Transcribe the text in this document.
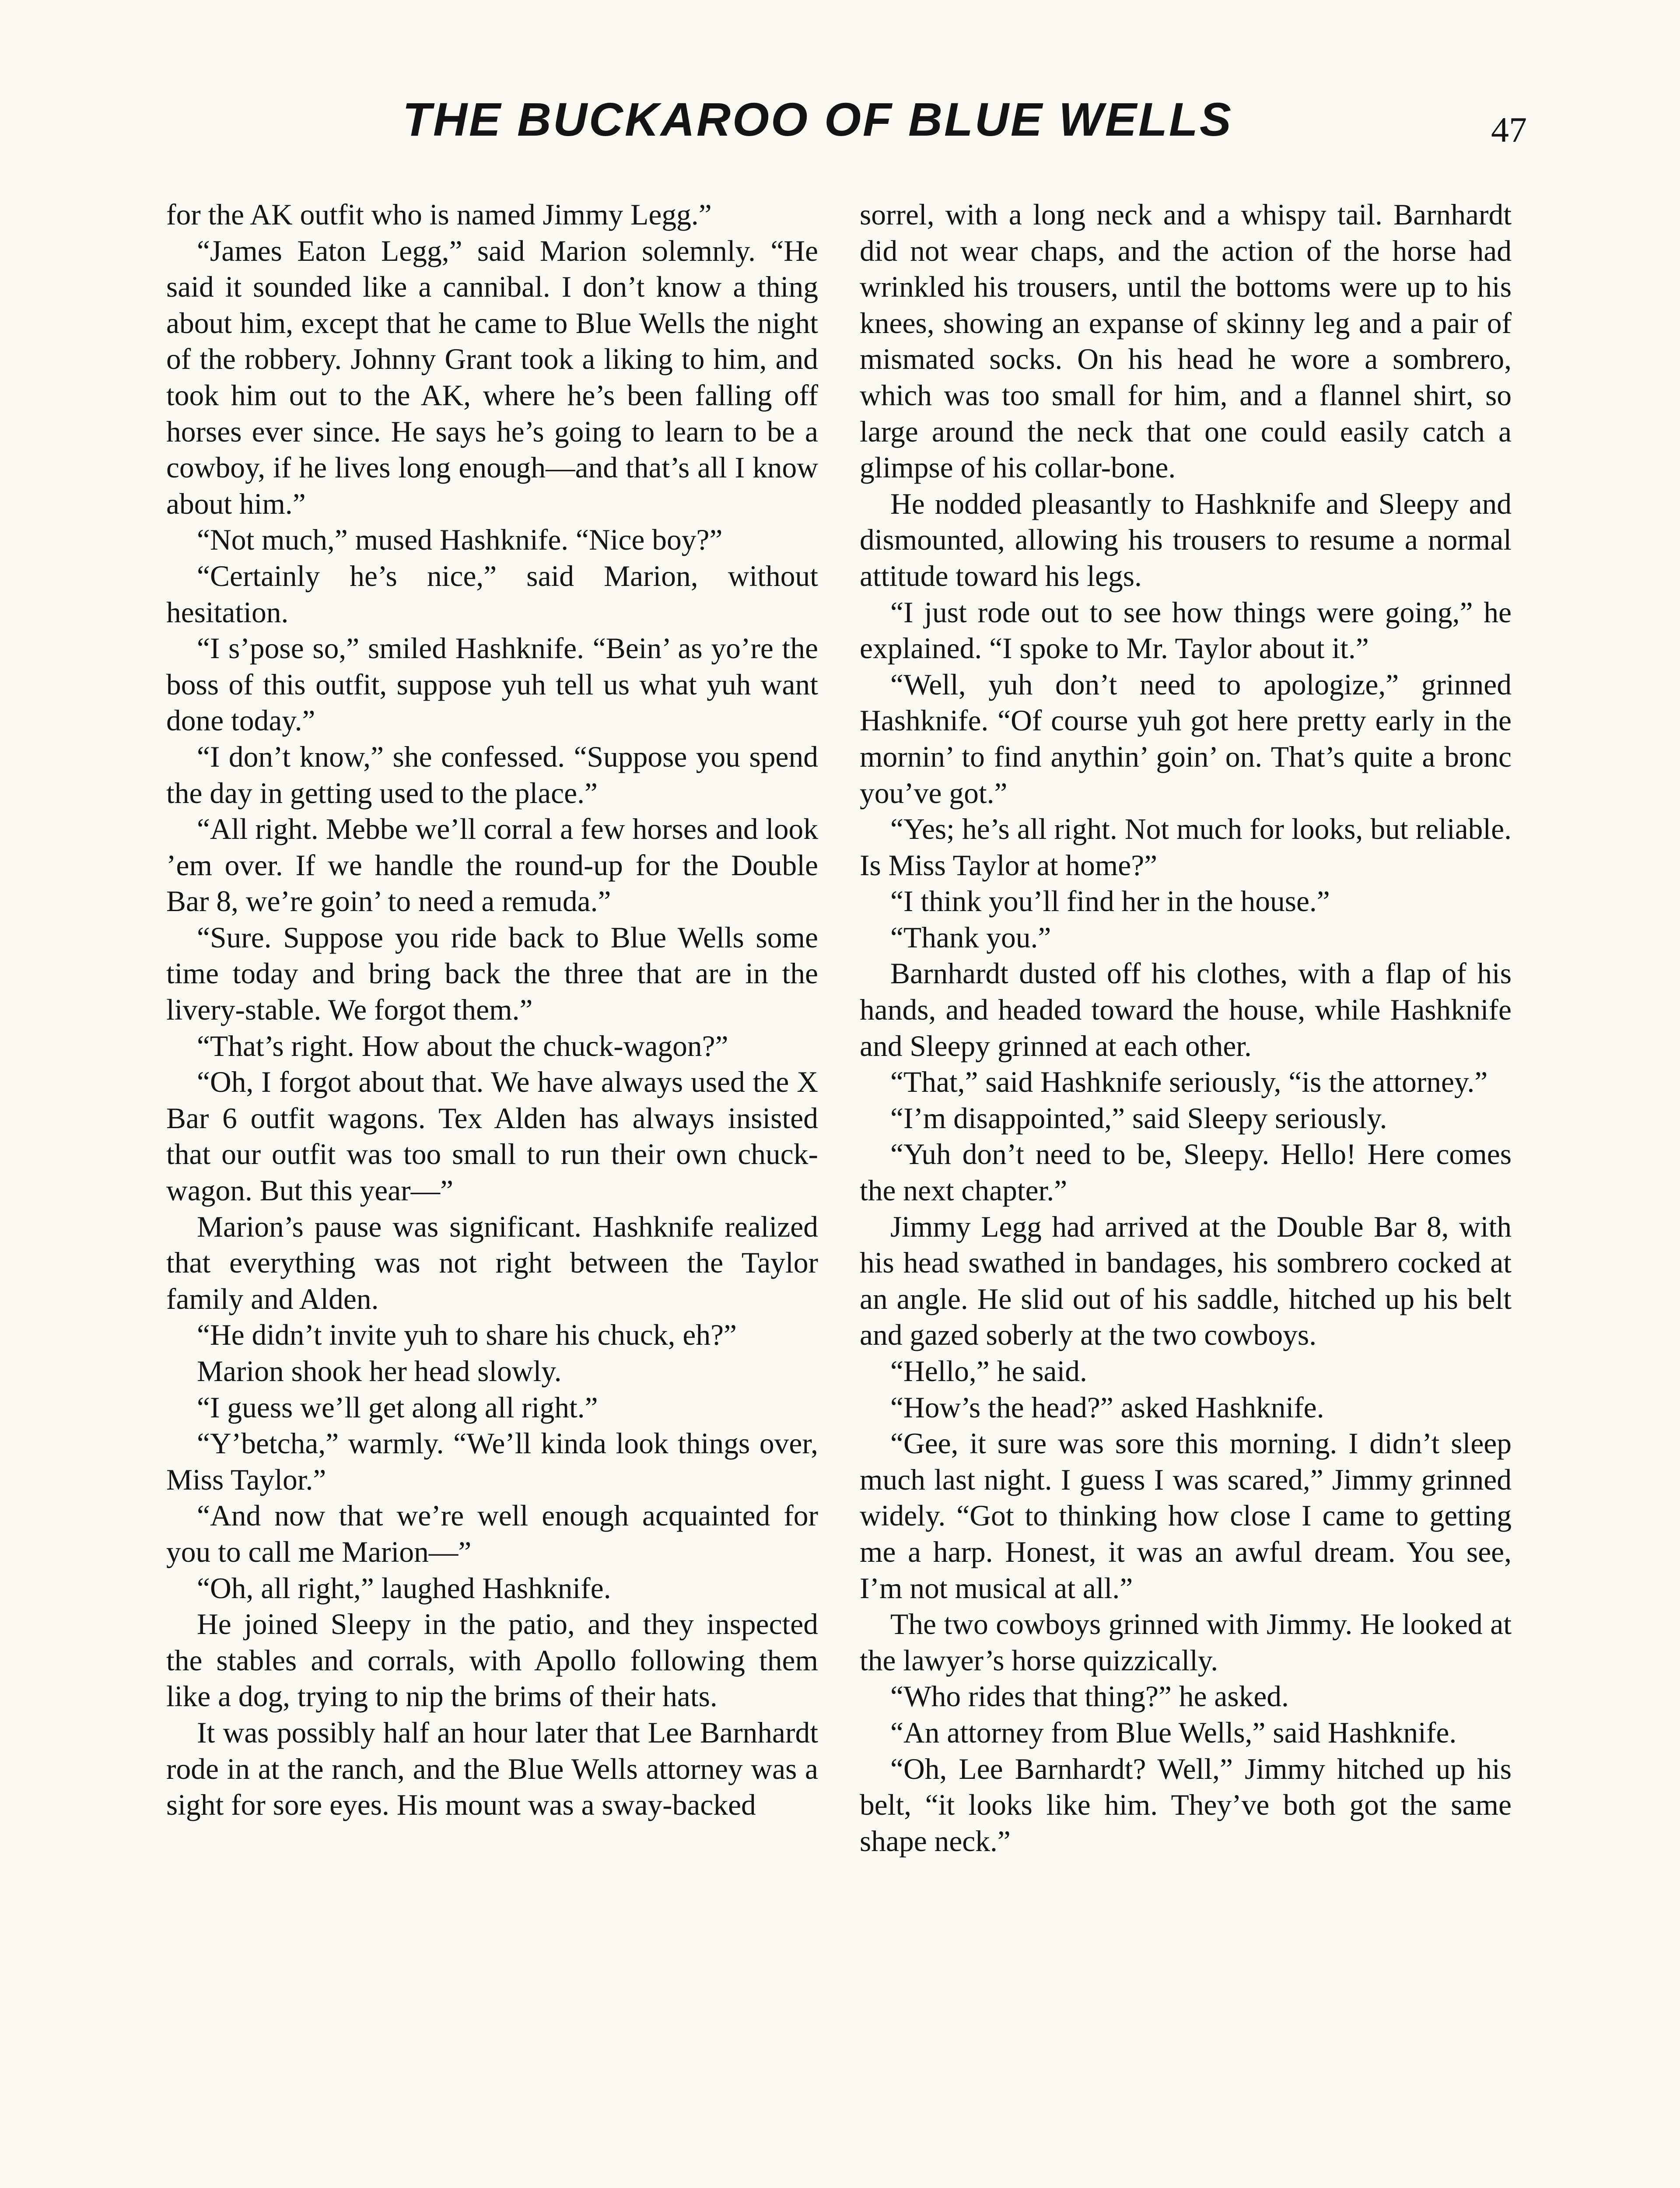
THE BUCKAROO OF BLUE WELLS	47

for the AK outfit who is named Jimmy Legg.”

“James Eaton Legg,” said Marion solemnly. “He said it sounded like a cannibal. I don’t know a thing about him, except that he came to Blue Wells the night of the robbery. Johnny Grant took a liking to him, and took him out to the AK, where he’s been falling off horses ever since. He says he’s going to learn to be a cowboy, if he lives long enough—and that’s all I know about him.”

“Not much,” mused Hashknife. “Nice boy?”

“Certainly he’s nice,” said Marion, without hesitation.

“I s’pose so,” smiled Hashknife. “Bein’ as yo’re the boss of this outfit, suppose yuh tell us what yuh want done today.”

“I don’t know,” she confessed. “Suppose you spend the day in getting used to the place.”

“All right. Mebbe we’ll corral a few horses and look ’em over. If we handle the round-up for the Double Bar 8, we’re goin’ to need a remuda.”

“Sure. Suppose you ride back to Blue Wells some time today and bring back the three that are in the livery-stable. We forgot them.”

“That’s right. How about the chuck-wagon?”

“Oh, I forgot about that. We have always used the X Bar 6 outfit wagons. Tex Alden has always insisted that our outfit was too small to run their own chuck-wagon. But this year—”

Marion’s pause was significant. Hashknife realized that everything was not right between the Taylor family and Alden.

“He didn’t invite yuh to share his chuck, eh?”

Marion shook her head slowly.

“I guess we’ll get along all right.”

“Y’betcha,” warmly. “We’ll kinda look things over, Miss Taylor.”

“And now that we’re well enough acquainted for you to call me Marion—”

“Oh, all right,” laughed Hashknife.

He joined Sleepy in the patio, and they inspected the stables and corrals, with Apollo following them like a dog, trying to nip the brims of their hats.

It was possibly half an hour later that Lee Barnhardt rode in at the ranch, and the Blue Wells attorney was a sight for sore eyes. His mount was a sway-backed

sorrel, with a long neck and a whispy tail. Barnhardt did not wear chaps, and the action of the horse had wrinkled his trousers, until the bottoms were up to his knees, showing an expanse of skinny leg and a pair of mismated socks. On his head he wore a sombrero, which was too small for him, and a flannel shirt, so large around the neck that one could easily catch a glimpse of his collar-bone.

He nodded pleasantly to Hashknife and Sleepy and dismounted, allowing his trousers to resume a normal attitude toward his legs.

“I just rode out to see how things were going,” he explained. “I spoke to Mr. Taylor about it.”

“Well, yuh don’t need to apologize,” grinned Hashknife. “Of course yuh got here pretty early in the mornin’ to find anythin’ goin’ on. That’s quite a bronc you’ve got.”

“Yes; he’s all right. Not much for looks, but reliable. Is Miss Taylor at home?”

“I think you’ll find her in the house.”

“Thank you.”

Barnhardt dusted off his clothes, with a flap of his hands, and headed toward the house, while Hashknife and Sleepy grinned at each other.

“That,” said Hashknife seriously, “is the attorney.”

“I’m disappointed,” said Sleepy seriously.

“Yuh don’t need to be, Sleepy. Hello! Here comes the next chapter.”

Jimmy Legg had arrived at the Double Bar 8, with his head swathed in bandages, his sombrero cocked at an angle. He slid out of his saddle, hitched up his belt and gazed soberly at the two cowboys.

“Hello,” he said.

“How’s the head?” asked Hashknife.

“Gee, it sure was sore this morning. I didn’t sleep much last night. I guess I was scared,” Jimmy grinned widely. “Got to thinking how close I came to getting me a harp. Honest, it was an awful dream. You see, I’m not musical at all.”

The two cowboys grinned with Jimmy. He looked at the lawyer’s horse quizzically.

“Who rides that thing?” he asked.

“An attorney from Blue Wells,” said Hashknife.

“Oh, Lee Barnhardt? Well,” Jimmy hitched up his belt, “it looks like him. They’ve both got the same shape neck.”
